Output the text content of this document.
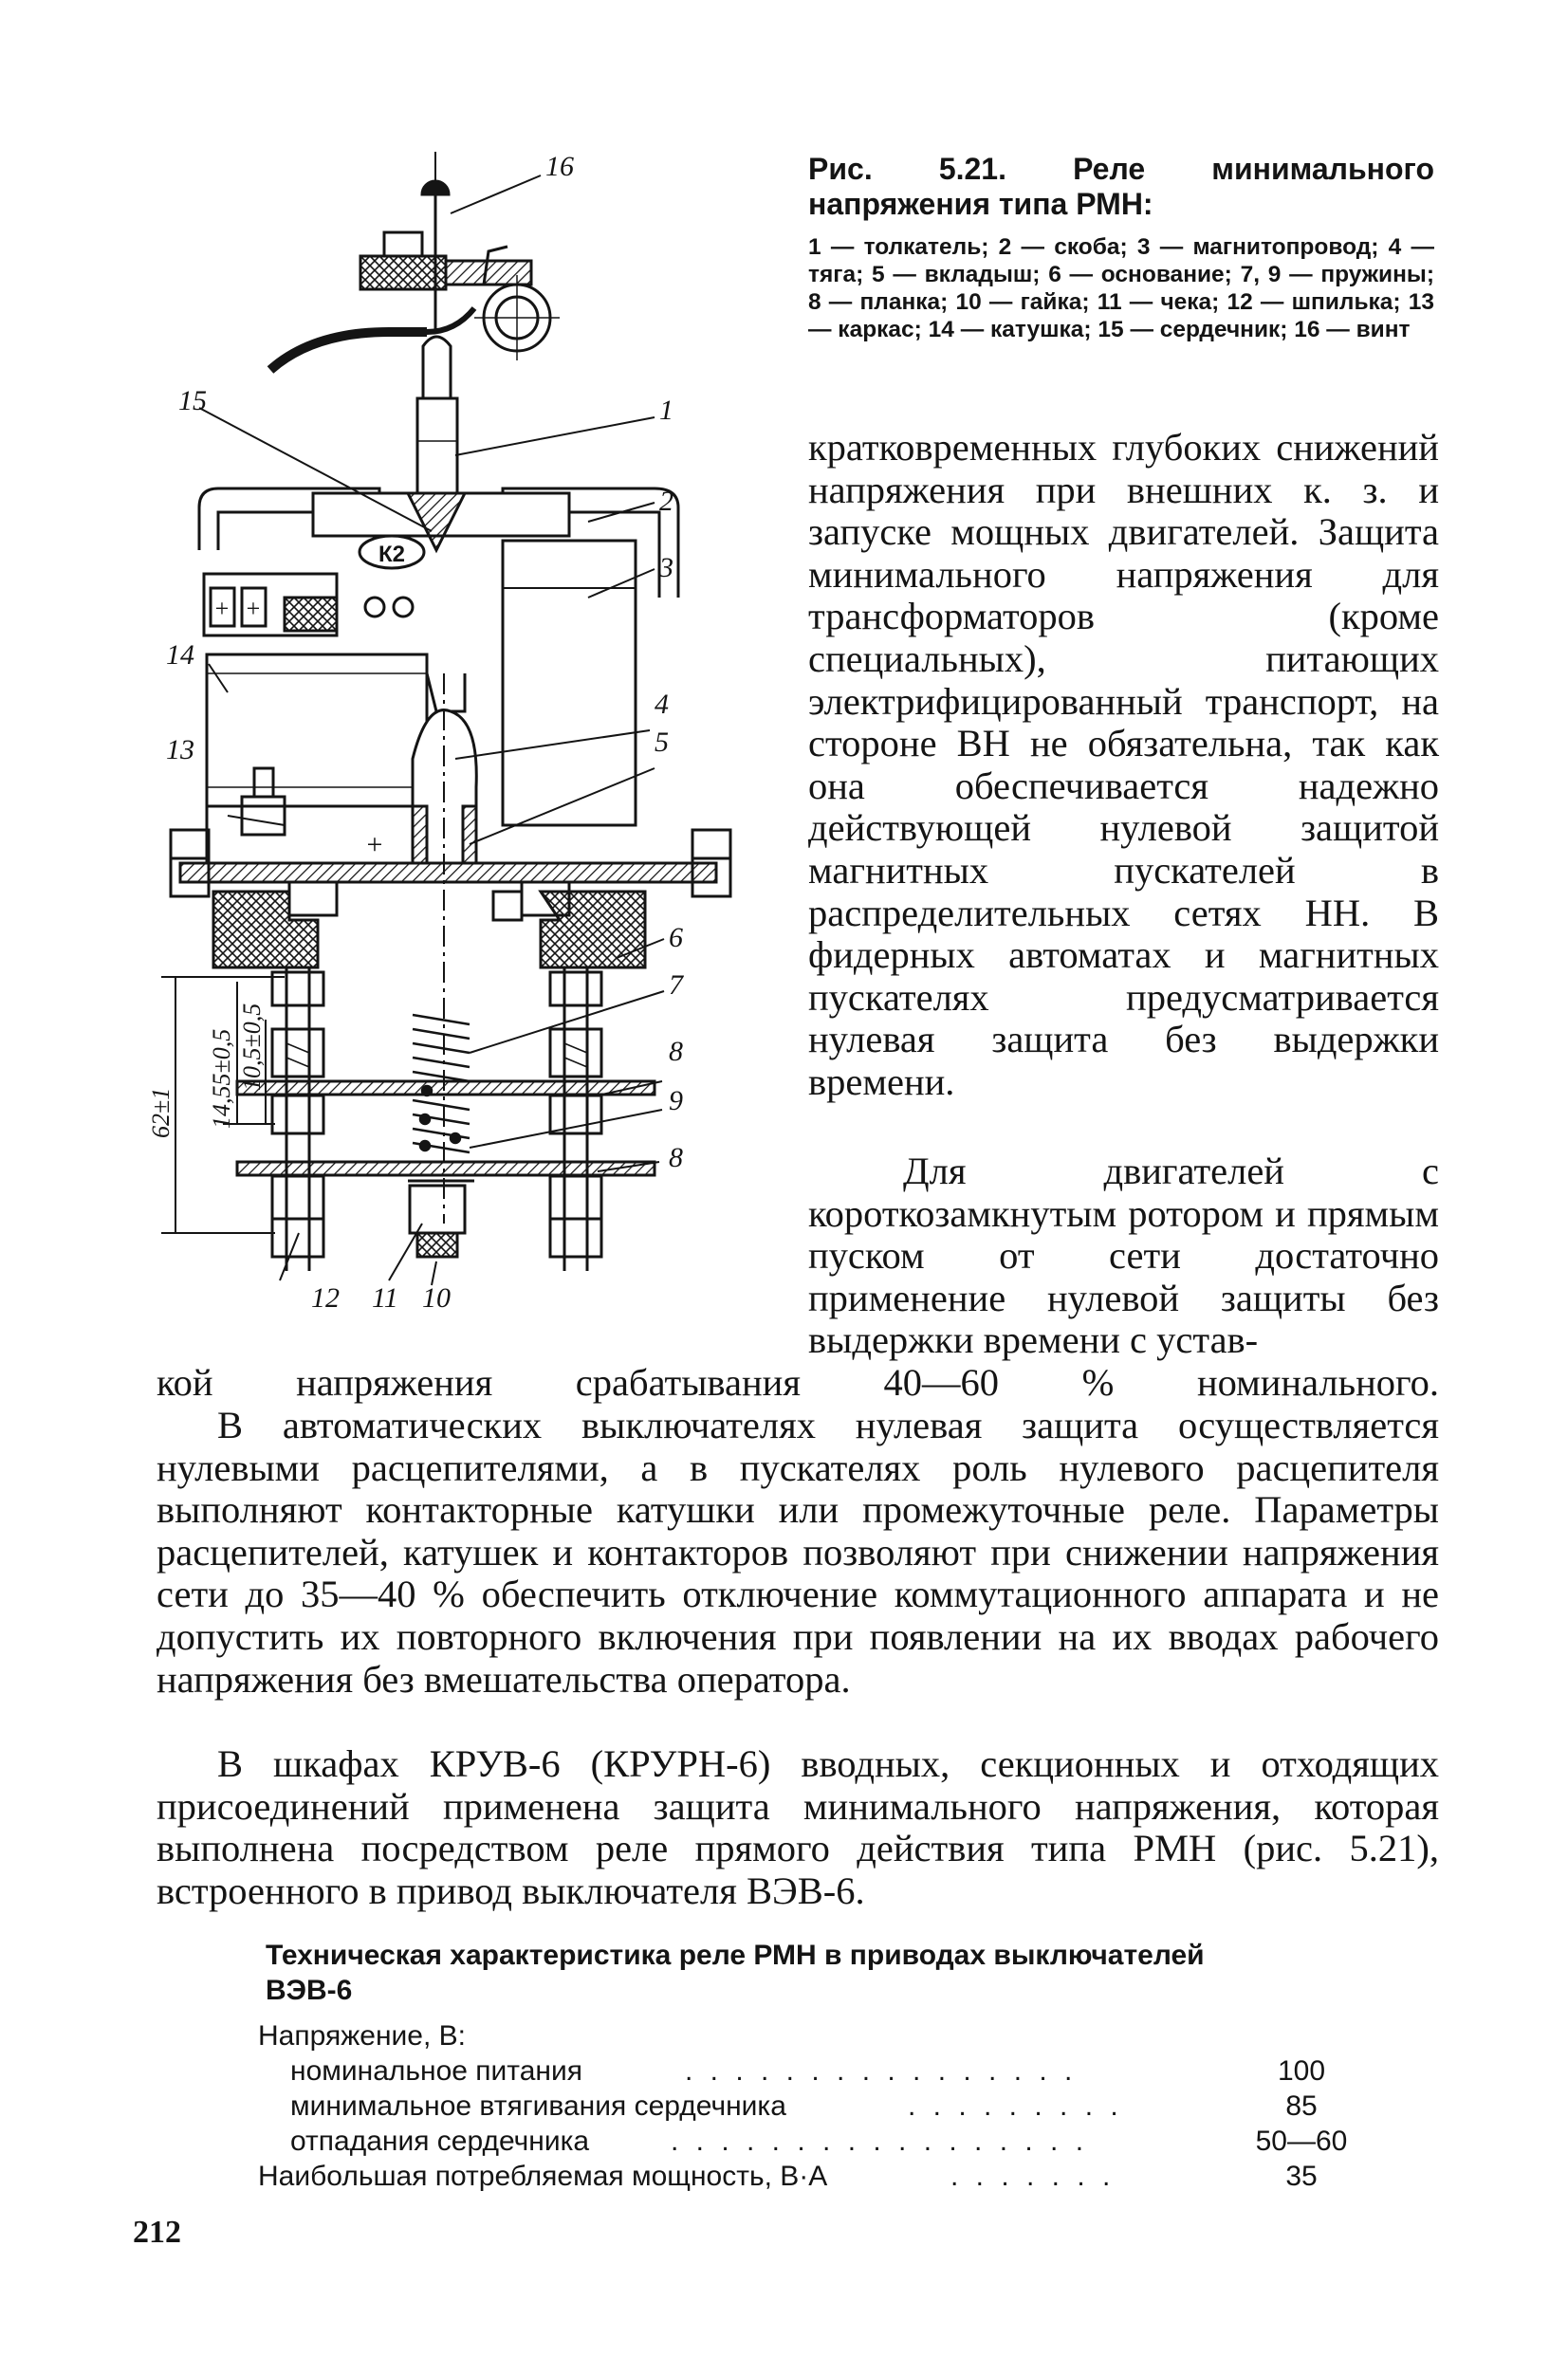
К2
+ +
+
16
15	1
2
3
14
4
5
13
6
7
8
9
8
12 11 10
62±1 14,55±0,5 10,5±0,5

Рис. 5.21. Реле минимального напряжения типа РМН:

1 — толкатель; 2 — скоба; 3 — магнитопровод; 4 — тяга; 5 — вкладыш; 6 — основание; 7, 9 — пружины; 8 — планка; 10 — гайка; 11 — чека; 12 — шпилька; 13 — каркас; 14 — катушка; 15 — сердечник; 16 — винт

кратковременных глубоких снижений напряжения при внешних к. з. и запуске мощных двигателей. Защита минимального напряжения для трансформаторов (кроме специальных), питающих электрифицированный транспорт, на стороне ВН не обязательна, так как она обеспечивается надежно действующей нулевой защитой магнитных пускателей в распределительных сетях НН. В фидерных автоматах и магнитных пускателях предусматривается нулевая защита без выдержки времени.
Для двигателей с короткозамкнутым ротором и прямым пуском от сети достаточно применение нулевой защиты без выдержки времени с устав-
кой напряжения срабатывания 40—60 % номинального.
В автоматических выключателях нулевая защита осуществляется нулевыми расцепителями, а в пускателях роль нулевого расцепителя выполняют контакторные катушки или промежуточные реле. Параметры расцепителей, катушек и контакторов позволяют при снижении напряжения сети до 35—40 % обеспечить отключение коммутационного аппарата и не допустить их повторного включения при появлении на их вводах рабочего напряжения без вмешательства оператора.
В шкафах КРУВ-6 (КРУРН-6) вводных, секционных и отходящих присоединений применена защита минимального напряжения, которая выполнена посредством реле прямого действия типа РМН (рис. 5.21), встроенного в привод выключателя ВЭВ-6.
Техническая характеристика реле РМН в приводах выключателей ВЭВ-6
Напряжение, В:
номинальное питания	. . . . . . . . . . . . . . . .	100
минимальное втягивания сердечника	. . . . . . . . .	85
отпадания сердечника	. . . . . . . . . . . . . . . . .	50—60
Наибольшая потребляемая мощность, В·А	. . . . . . .	35
212
